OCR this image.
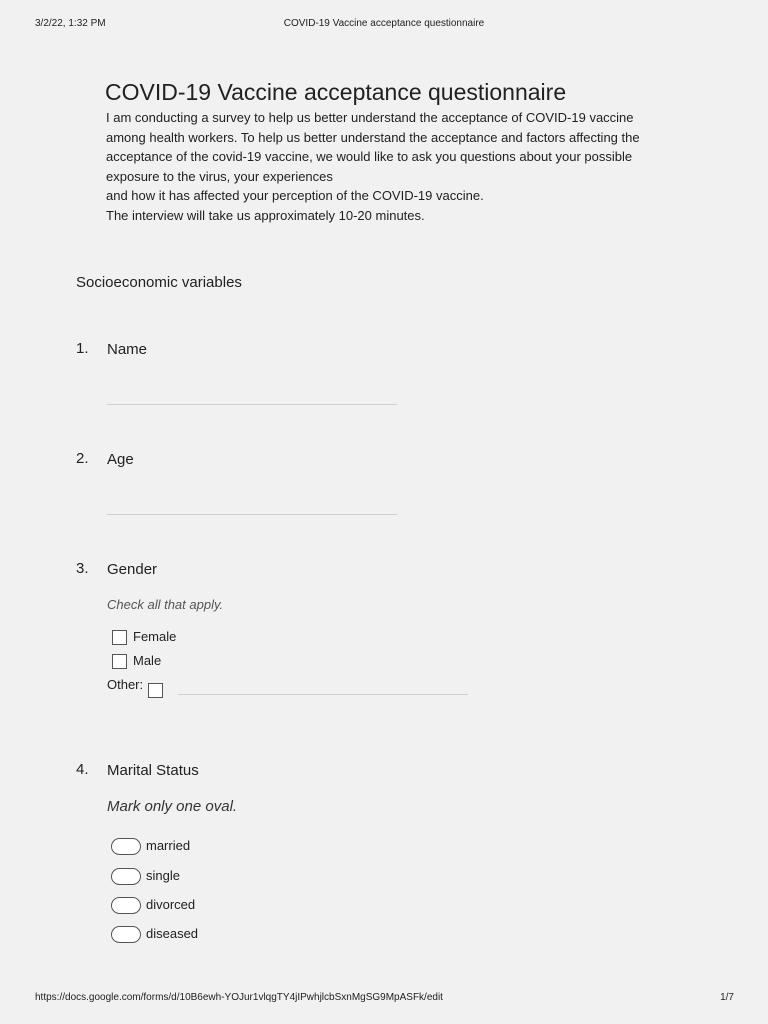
3/2/22, 1:32 PM	COVID-19 Vaccine acceptance questionnaire
COVID-19 Vaccine acceptance questionnaire
I am conducting a survey to help us better understand the acceptance of COVID-19 vaccine
among health workers. To help us better understand the acceptance and factors affecting the
acceptance of the covid-19 vaccine, we would like to ask you questions about your possible
exposure to the virus, your experiences
and how it has affected your perception of the COVID-19 vaccine.
The interview will take us approximately 10-20 minutes.
Socioeconomic variables
1. Name
2. Age
3. Gender
Check all that apply.
Female
Male
Other:
4. Marital Status
Mark only one oval.
married
single
divorced
diseased
https://docs.google.com/forms/d/10B6ewh-YOJur1vlqgTY4jIPwhjlcbSxnMgSG9MpASFk/edit	1/7
